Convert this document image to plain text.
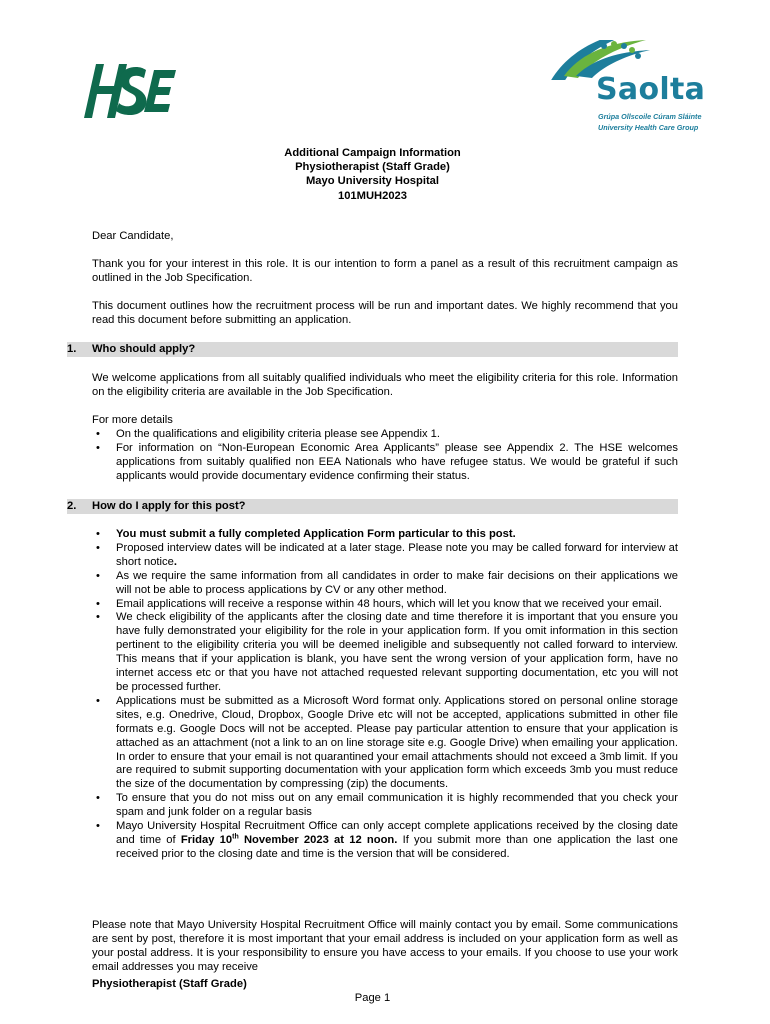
Saolta
Grúpa Ollscoile Cúram Sláinte
University Health Care Group
Additional Campaign Information
Physiotherapist (Staff Grade)
Mayo University Hospital
101MUH2023

Dear Candidate,

Thank you for your interest in this role. It is our intention to form a panel as a result of this recruitment campaign as outlined in the Job Specification.

This document outlines how the recruitment process will be run and important dates. We highly recommend that you read this document before submitting an application.

1. Who should apply?

We welcome applications from all suitably qualified individuals who meet the eligibility criteria for this role. Information on the eligibility criteria are available in the Job Specification.

For more details

•	On the qualifications and eligibility criteria please see Appendix 1.
•	For information on “Non-European Economic Area Applicants” please see Appendix 2. The HSE welcomes applications from suitably qualified non EEA Nationals who have refugee status. We would be grateful if such applicants would provide documentary evidence confirming their status.
2. How do I apply for this post?
•	You must submit a fully completed Application Form particular to this post.
•	Proposed interview dates will be indicated at a later stage. Please note you may be called forward for interview at short notice.
•	As we require the same information from all candidates in order to make fair decisions on their applications we will not be able to process applications by CV or any other method.
•	Email applications will receive a response within 48 hours, which will let you know that we received your email.
•	We check eligibility of the applicants after the closing date and time therefore it is important that you ensure you have fully demonstrated your eligibility for the role in your application form. If you omit information in this section pertinent to the eligibility criteria you will be deemed ineligible and subsequently not called forward to interview. This means that if your application is blank, you have sent the wrong version of your application form, have no internet access etc or that you have not attached requested relevant supporting documentation, etc you will not be processed further.
•	Applications must be submitted as a Microsoft Word format only. Applications stored on personal online storage sites, e.g. Onedrive, Cloud, Dropbox, Google Drive etc will not be accepted, applications submitted in other file formats e.g. Google Docs will not be accepted. Please pay particular attention to ensure that your application is attached as an attachment (not a link to an on line storage site e.g. Google Drive) when emailing your application. In order to ensure that your email is not quarantined your email attachments should not exceed a 3mb limit. If you are required to submit supporting documentation with your application form which exceeds 3mb you must reduce the size of the documentation by compressing (zip) the documents.
•	To ensure that you do not miss out on any email communication it is highly recommended that you check your spam and junk folder on a regular basis
•	Mayo University Hospital Recruitment Office can only accept complete applications received by the closing date and time of Friday 10th November 2023 at 12 noon. If you submit more than one application the last one received prior to the closing date and time is the version that will be considered.

Please note that Mayo University Hospital Recruitment Office will mainly contact you by email. Some communications are sent by post, therefore it is most important that your email address is included on your application form as well as your postal address. It is your responsibility to ensure you have access to your emails. If you choose to use your work email addresses you may receive

Physiotherapist (Staff Grade)
Page 1
